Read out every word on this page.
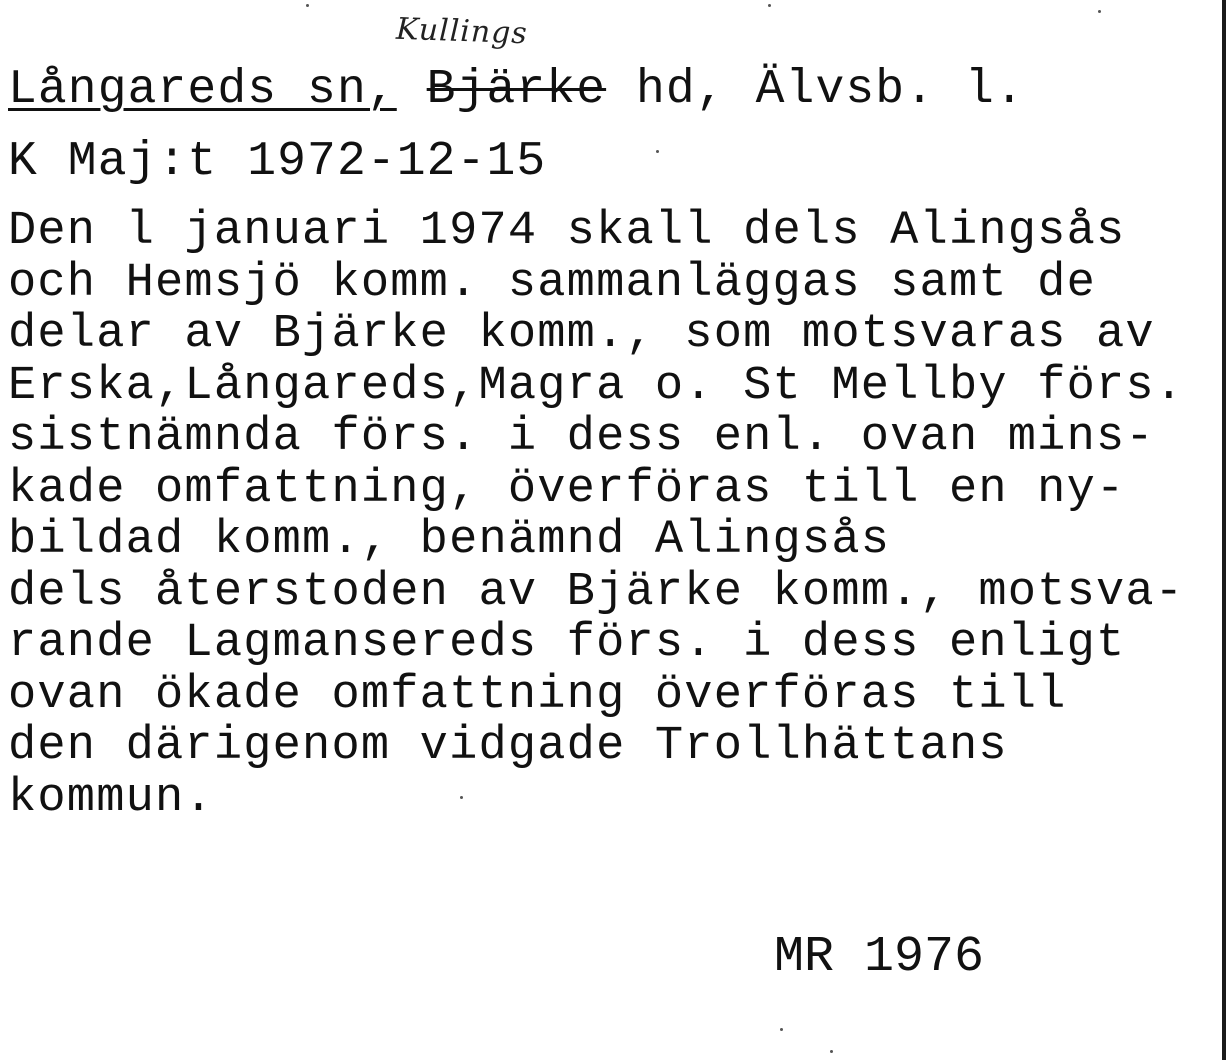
Kullings
Långareds sn, Bjärke hd, Älvsb. l.
K Maj:t 1972-12-15
Den l januari 1974 skall dels Alingsås
och Hemsjö komm. sammanläggas samt de
delar av Bjärke komm., som motsvaras av
Erska,Långareds,Magra o. St Mellby förs.
sistnämnda förs. i dess enl. ovan mins-
kade omfattning, överföras till en ny-
bildad komm., benämnd Alingsås
dels återstoden av Bjärke komm., motsva-
rande Lagmansereds förs. i dess enligt
ovan ökade omfattning överföras till
den därigenom vidgade Trollhättans
kommun.
MR 1976
